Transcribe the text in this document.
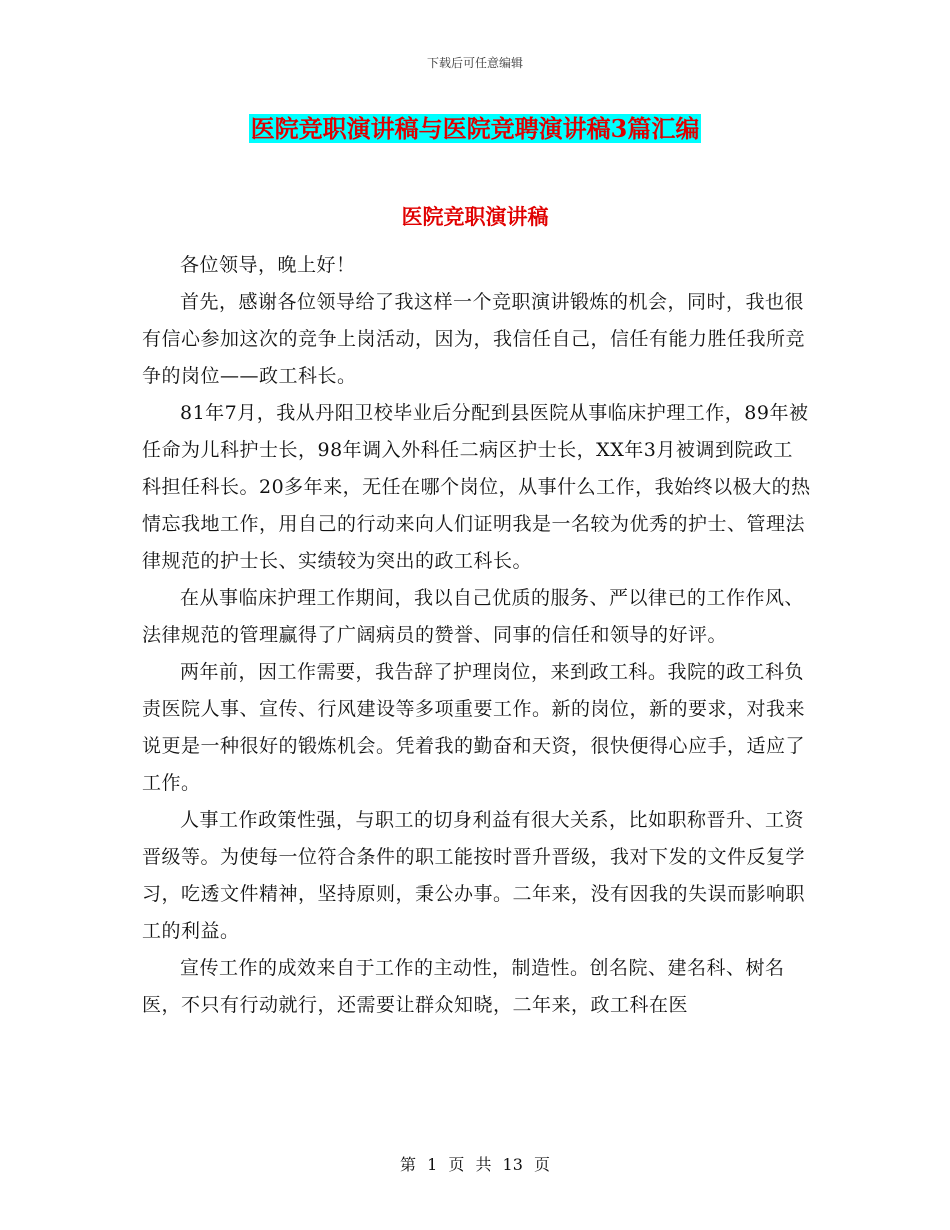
下载后可任意编辑
医院竞职演讲稿与医院竞聘演讲稿3篇汇编
医院竞职演讲稿

各位领导，晚上好！

首先，感谢各位领导给了我这样一个竞职演讲锻炼的机会，同时，我也很有信心参加这次的竞争上岗活动，因为，我信任自己，信任有能力胜任我所竞争的岗位——政工科长。

81年7月，我从丹阳卫校毕业后分配到县医院从事临床护理工作，89年被任命为儿科护士长，98年调入外科任二病区护士长，XX年3月被调到院政工科担任科长。20多年来，无任在哪个岗位，从事什么工作，我始终以极大的热情忘我地工作，用自己的行动来向人们证明我是一名较为优秀的护士、管理法律规范的护士长、实绩较为突出的政工科长。

在从事临床护理工作期间，我以自己优质的服务、严以律已的工作作风、法律规范的管理赢得了广阔病员的赞誉、同事的信任和领导的好评。

两年前，因工作需要，我告辞了护理岗位，来到政工科。我院的政工科负责医院人事、宣传、行风建设等多项重要工作。新的岗位，新的要求，对我来说更是一种很好的锻炼机会。凭着我的勤奋和天资，很快便得心应手，适应了工作。

人事工作政策性强，与职工的切身利益有很大关系，比如职称晋升、工资晋级等。为使每一位符合条件的职工能按时晋升晋级，我对下发的文件反复学习，吃透文件精神，坚持原则，秉公办事。二年来，没有因我的失误而影响职工的利益。

宣传工作的成效来自于工作的主动性，制造性。创名院、建名科、树名医，不只有行动就行，还需要让群众知晓，二年来，政工科在医

第 1 页 共 13 页
